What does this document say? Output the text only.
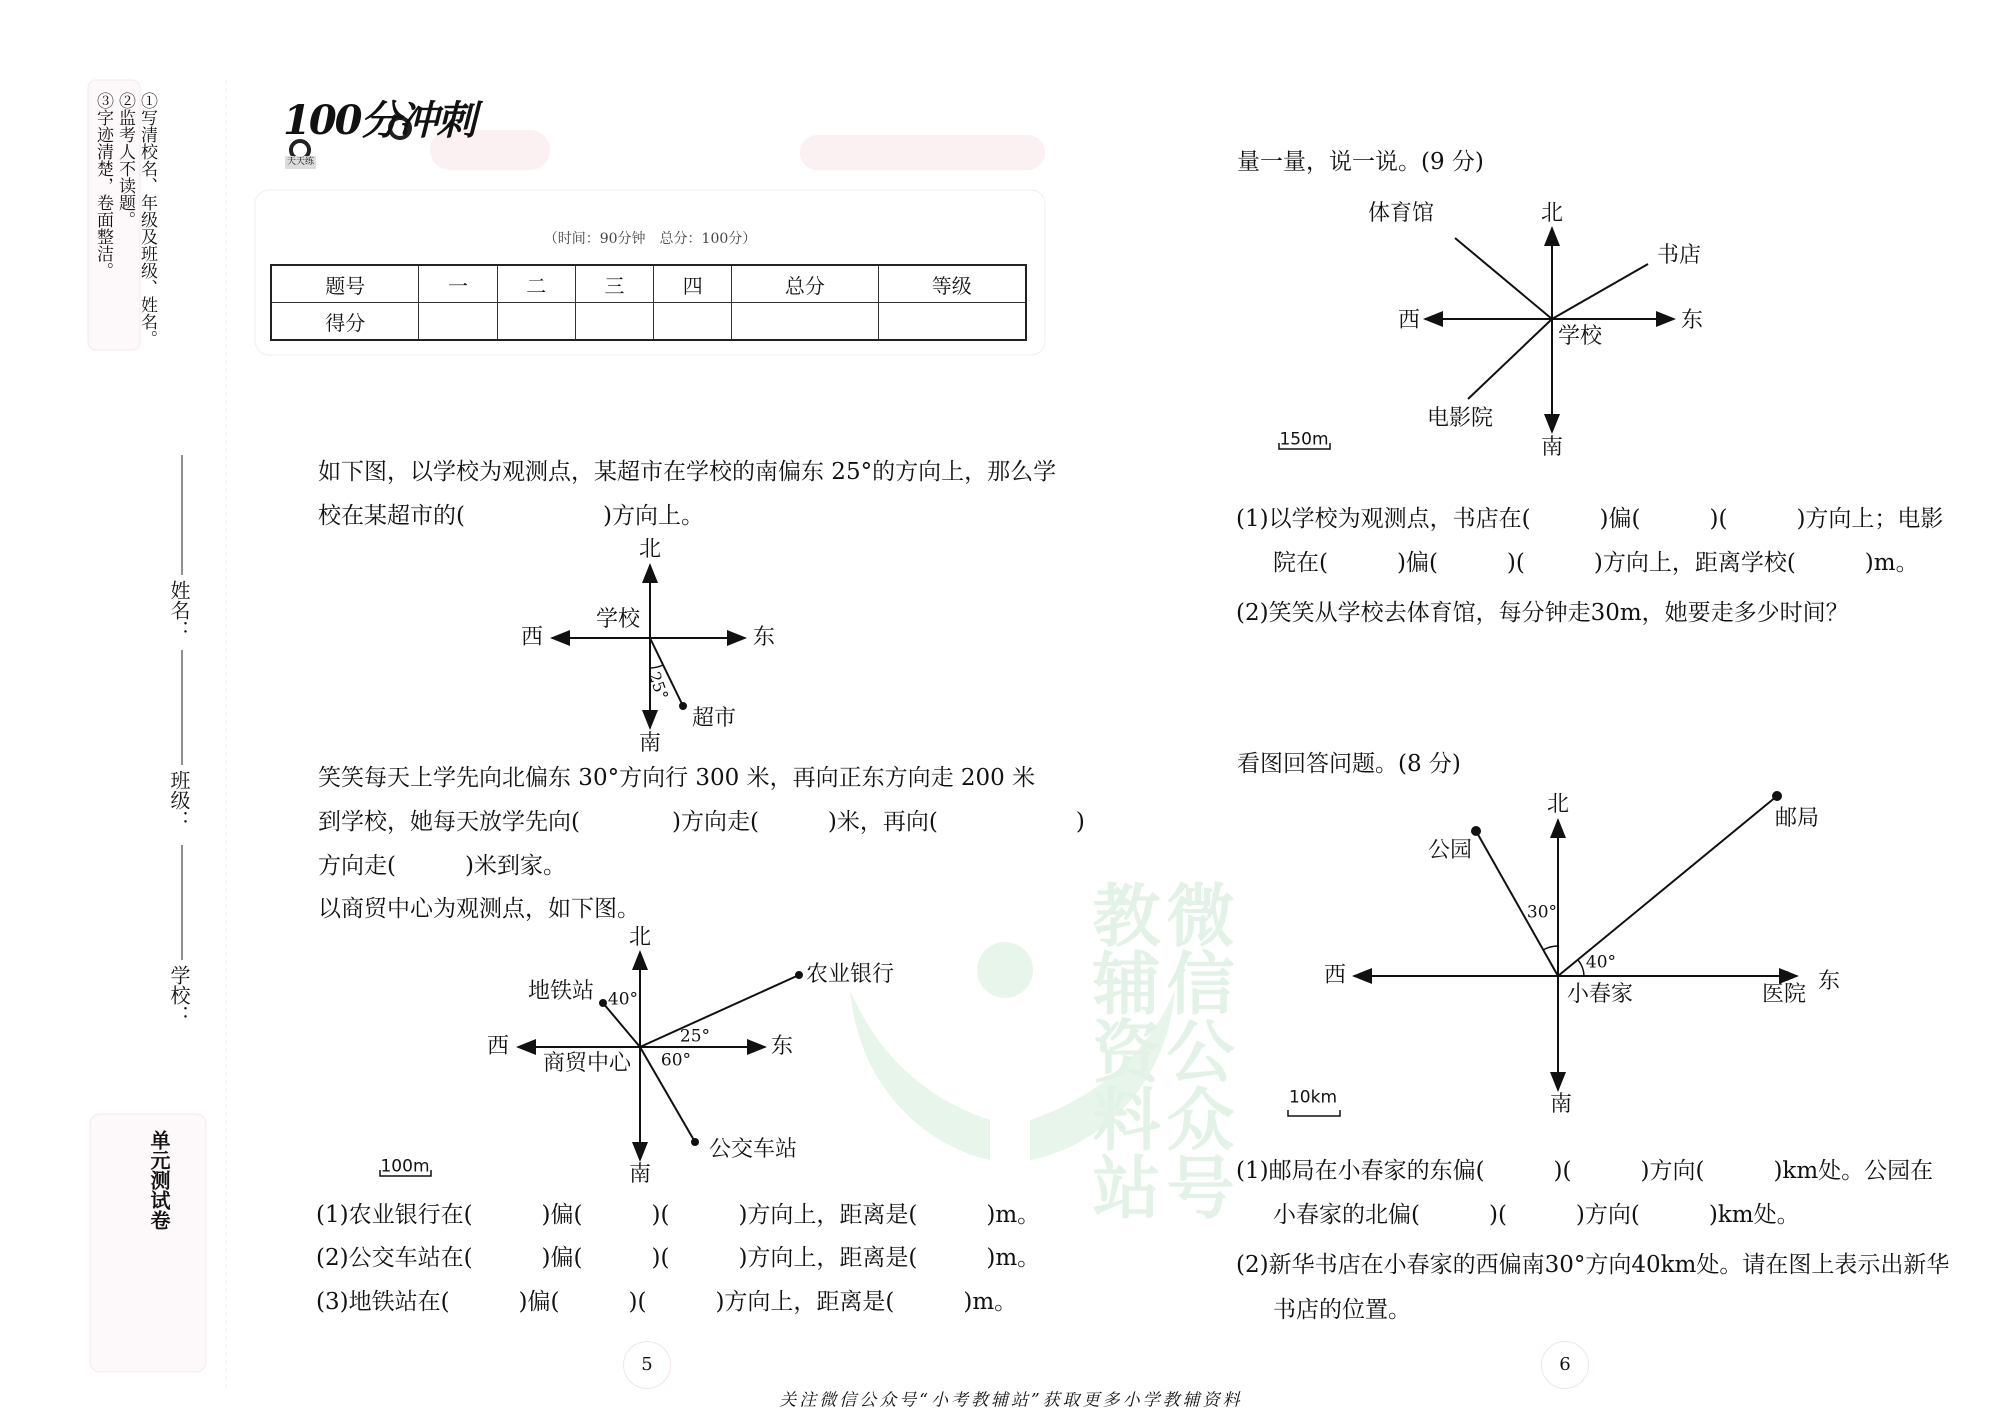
①写清校名、年级及班级、姓名。
②监考人不读题。
③字迹清楚，卷面整洁。
姓名：
班级：
学校：
单元测试卷
100分冲刺
天天练
（时间：90分钟　总分：100分）
题号	一	二	三	四	总分	等级
得分						
如下图，以学校为观测点，某超市在学校的南偏东 25°的方向上，那么学
校在某超市的(　　　　　　)方向上。
北
南
西	东
学校
超市
25°
笑笑每天上学先向北偏东 30°方向行 300 米，再向正东方向走 200 米
到学校，她每天放学先向(　　　　)方向走(　　　)米，再向(　　　　　　)
方向走(　　　)米到家。
以商贸中心为观测点，如下图。
北
南
西	东
商贸中心
农业银行
地铁站
公交车站
40°
25°
60°
100m
(1)农业银行在(　　　)偏(　　　)(　　　)方向上，距离是(　　　)m。
(2)公交车站在(　　　)偏(　　　)(　　　)方向上，距离是(　　　)m。
(3)地铁站在(　　　)偏(　　　)(　　　)方向上，距离是(　　　)m。
5
量一量，说一说。(9 分)
北
南
西	东
学校
体育馆
书店
电影院
150m
(1)以学校为观测点，书店在(　　　)偏(　　　)(　　　)方向上；电影
院在(　　　)偏(　　　)(　　　)方向上，距离学校(　　　)m。
(2)笑笑从学校去体育馆，每分钟走30m，她要走多少时间？
看图回答问题。(8 分)
北
南
西	东
小春家
邮局
公园
医院
30°
40°
10km
(1)邮局在小春家的东偏(　　　)(　　　)方向(　　　)km处。公园在
小春家的北偏(　　　)(　　　)方向(　　　)km处。
(2)新华书店在小春家的西偏南30°方向40km处。请在图上表示出新华
书店的位置。
6
微信公众号
教辅资料站
关注微信公众号“小考教辅站”获取更多小学教辅资料
